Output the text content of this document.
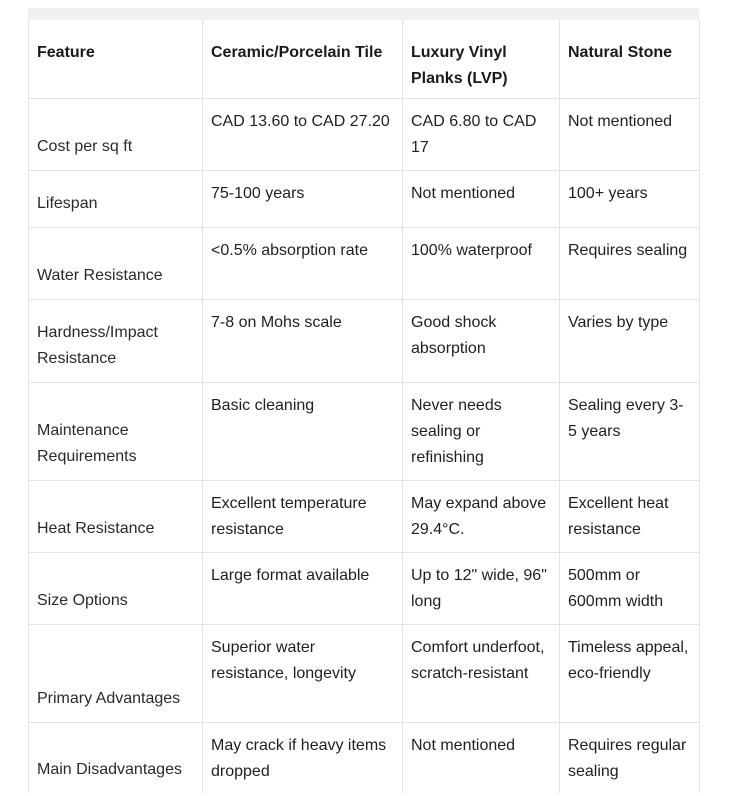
Feature	Ceramic/Porcelain Tile	Luxury Vinyl Planks (LVP)	Natural Stone
Cost per sq ft	CAD 13.60 to CAD 27.20	CAD 6.80 to CAD 17	Not mentioned
Lifespan	75-100 years	Not mentioned	100+ years
Water Resistance	<0.5% absorption rate	100% waterproof	Requires sealing
Hardness/Impact Resistance	7-8 on Mohs scale	Good shock absorption	Varies by type
Maintenance Requirements	Basic cleaning	Never needs sealing or refinishing	Sealing every 3-5 years
Heat Resistance	Excellent temperature resistance	May expand above 29.4°C.	Excellent heat resistance
Size Options	Large format available	Up to 12" wide, 96" long	500mm or 600mm width
Primary Advantages	Superior water resistance, longevity	Comfort underfoot, scratch-resistant	Timeless appeal, eco-friendly
Main Disadvantages	May crack if heavy items dropped	Not mentioned	Requires regular sealing
